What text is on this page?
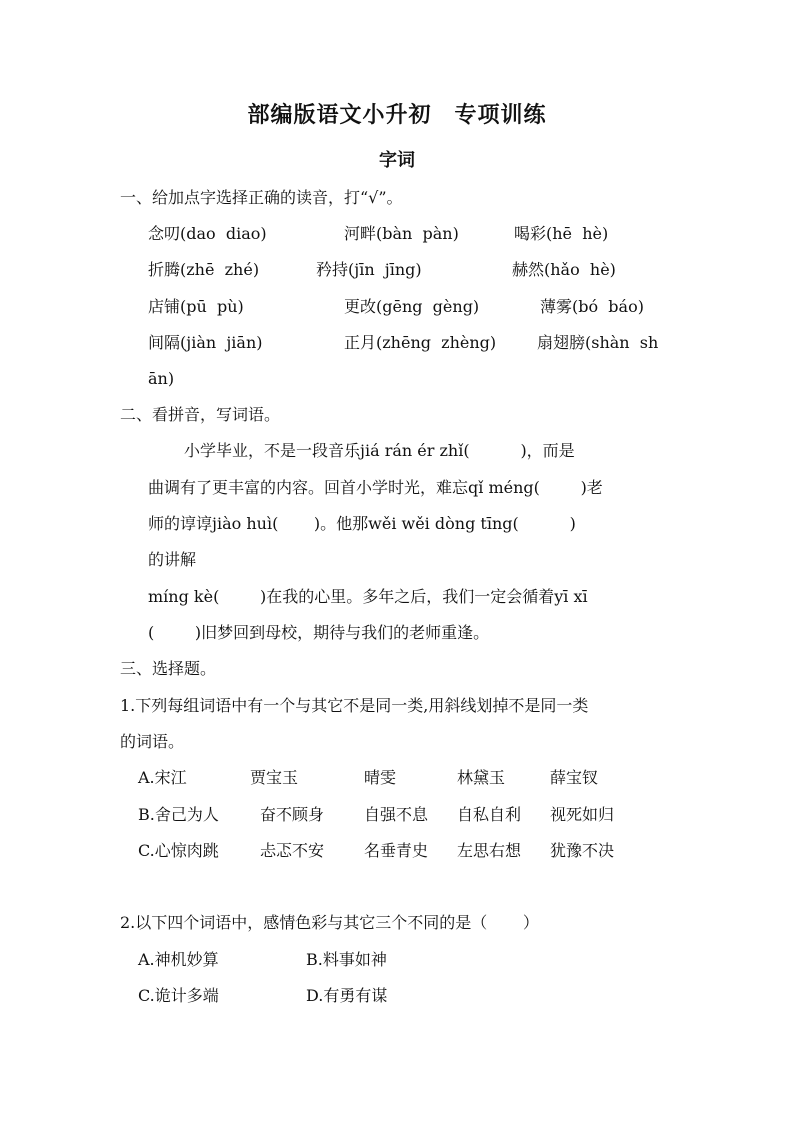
部编版语文小升初　专项训练
字词
一、给加点字选择正确的读音，打“√”。
念叨(dao  diao)	河畔(bàn  pàn)	喝彩(hē  hè)
折腾(zhē  zhé)	矜持(jīn  jīng)	赫然(hǎo  hè)
店铺(pū  pù)	更改(gēng  gèng)	薄雾(bó  báo)
间隔(jiàn  jiān)	正月(zhēng  zhèng)	扇翅膀(shàn  sh
ān)
二、看拼音，写词语。
小学毕业，不是一段音乐jiá rán ér zhǐ(          )，而是
曲调有了更丰富的内容。回首小学时光，难忘qǐ méng(        )老
师的谆谆jiào huì(       )。他那wěi wěi dòng tīng(          )
的讲解
míng kè(        )在我的心里。多年之后，我们一定会循着yī xī
(        )旧梦回到母校，期待与我们的老师重逢。
三、选择题。
1.下列每组词语中有一个与其它不是同一类,用斜线划掉不是同一类
的词语。
A.宋江	贾宝玉	晴雯	林黛玉	薛宝钗
B.舍己为人	奋不顾身 自强不息 自私自利 视死如归
C.心惊肉跳	忐忑不安 名垂青史 左思右想 犹豫不决
2.以下四个词语中，感情色彩与其它三个不同的是（       ）
A.神机妙算	B.料事如神
C.诡计多端	D.有勇有谋
